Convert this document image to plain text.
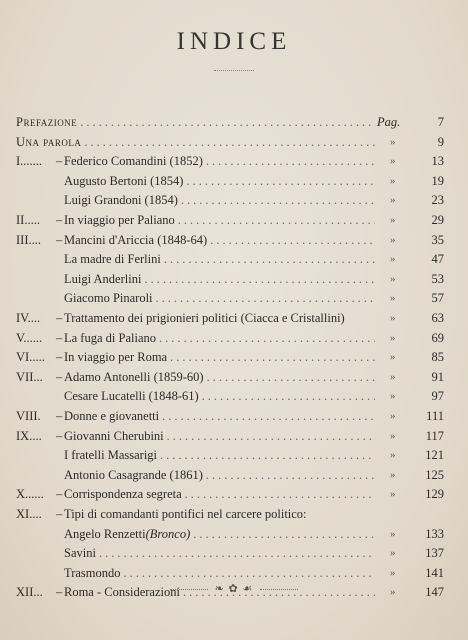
INDICE
Prefazione .....	Pag.	7
Una parola .....	»	9
I....... – Federico Comandini (1852) .....	»	13
Augusto Bertoni (1854) .....	»	19
Luigi Grandoni (1854) .....	»	23
II..... – In viaggio per Paliano .....	»	29
III.... – Mancini d'Ariccia (1848-64) .....	»	35
La madre di Ferlini .....	»	47
Luigi Anderlini .....	»	53
Giacomo Pinaroli .....	»	57
IV.... – Trattamento dei prigionieri politici (Ciacca e Cristallini)	»	63
V...... – La fuga di Paliano .....	»	69
VI..... – In viaggio per Roma .....	»	85
VII... – Adamo Antonelli (1859-60) .....	»	91
Cesare Lucatelli (1848-61) .....	»	97
VIII. – Donne e giovanetti .....	» 111
IX.... – Giovanni Cherubini .....	» 117
I fratelli Massarigi .....	» 121
Antonio Casagrande (1861) .....	» 125
X...... – Corrispondenza segreta .....	» 129
XI.... – Tipi di comandanti pontifici nel carcere politico:
Angelo Renzetti (Bronco) .....	» 133
Savini .....	» 137
Trasmondo .....	» 141
XII... – Roma - Considerazioni .....	» 147
❧ ✿ ☙
